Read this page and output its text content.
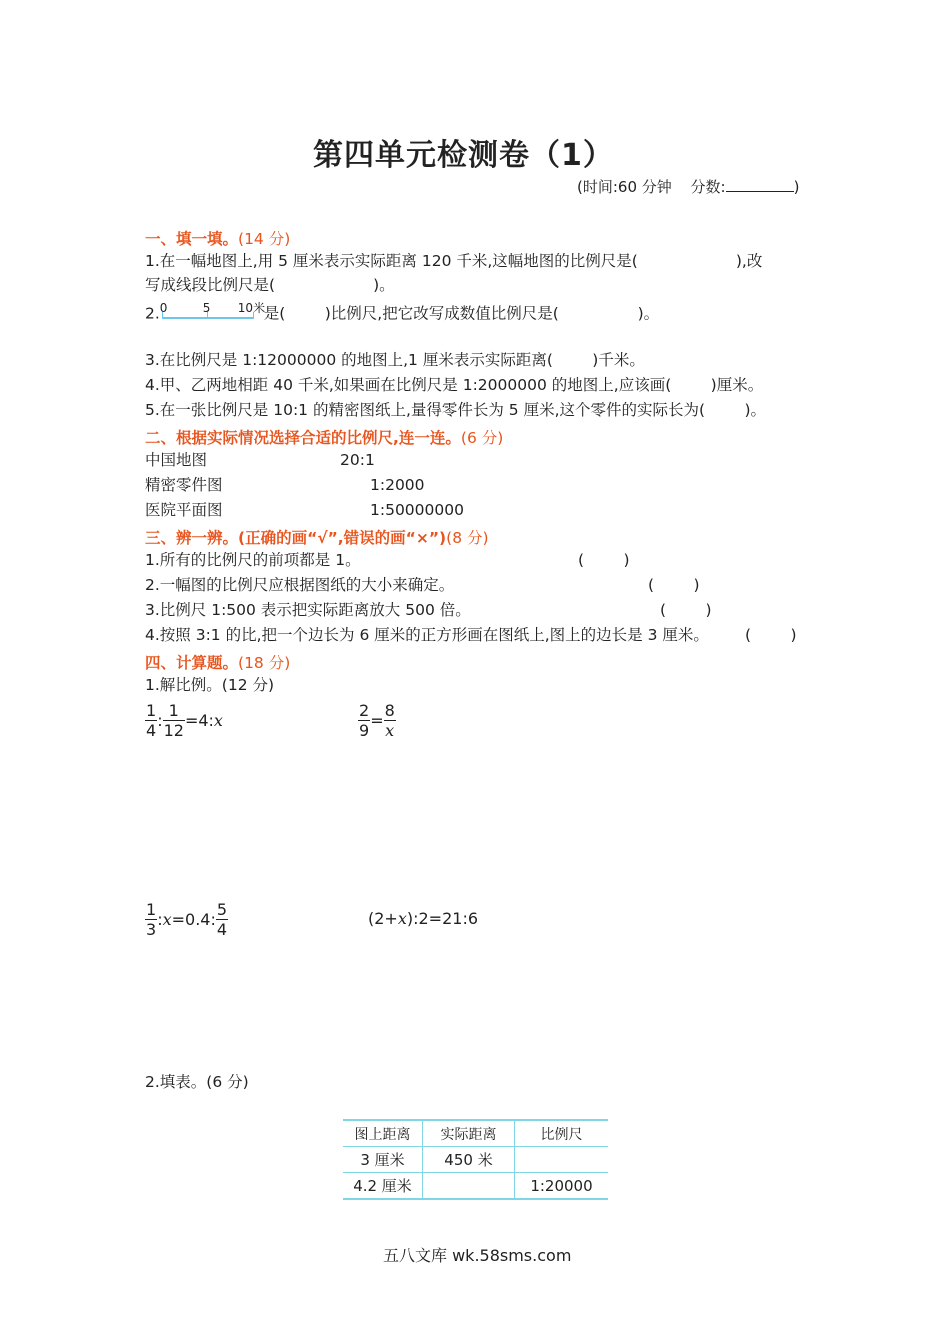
第四单元检测卷（1）
(时间:60 分钟 分数:	)
一、填一填。(14 分)
1.在一幅地图上,用 5 厘米表示实际距离 120 千米,这幅地图的比例尺是(	),改
写成线段比例尺是(	)。
2. 0	5 10米
是(        )比例尺,把它改写成数值比例尺是(                )。
3.在比例尺是 1:12000000 的地图上,1 厘米表示实际距离(        )千米。
4.甲、乙两地相距 40 千米,如果画在比例尺是 1:2000000 的地图上,应该画(        )厘米。
5.在一张比例尺是 10:1 的精密图纸上,量得零件长为 5 厘米,这个零件的实际长为(        )。
二、根据实际情况选择合适的比例尺,连一连。(6 分)
中国地图
精密零件图
医院平面图
20:1
1:2000
1:50000000
三、辨一辨。(正确的画“√”,错误的画“×”)(8 分)
1.所有的比例尺的前项都是 1。	(        )
2.一幅图的比例尺应根据图纸的大小来确定。	(        )
3.比例尺 1:500 表示把实际距离放大 500 倍。	(        )
4.按照 3:1 的比,把一个边长为 6 厘米的正方形画在图纸上,图上的边长是 3 厘米。 (        )
四、计算题。(18 分)
1.解比例。(12 分)
$\frac{1}{4}$ : $\frac{1}{12} =4$: x	$\frac{2}{9} = \frac{8}{x}$
$\frac{1}{3}$ : x =0.4: $\frac{5}{4}$	(2+ x ):2=21:6
2.填表。(6 分)
图上距离	实际距离	比例尺
3 厘米	450 米	
4.2 厘米		1:20000
五八文库 wk.58sms.com
